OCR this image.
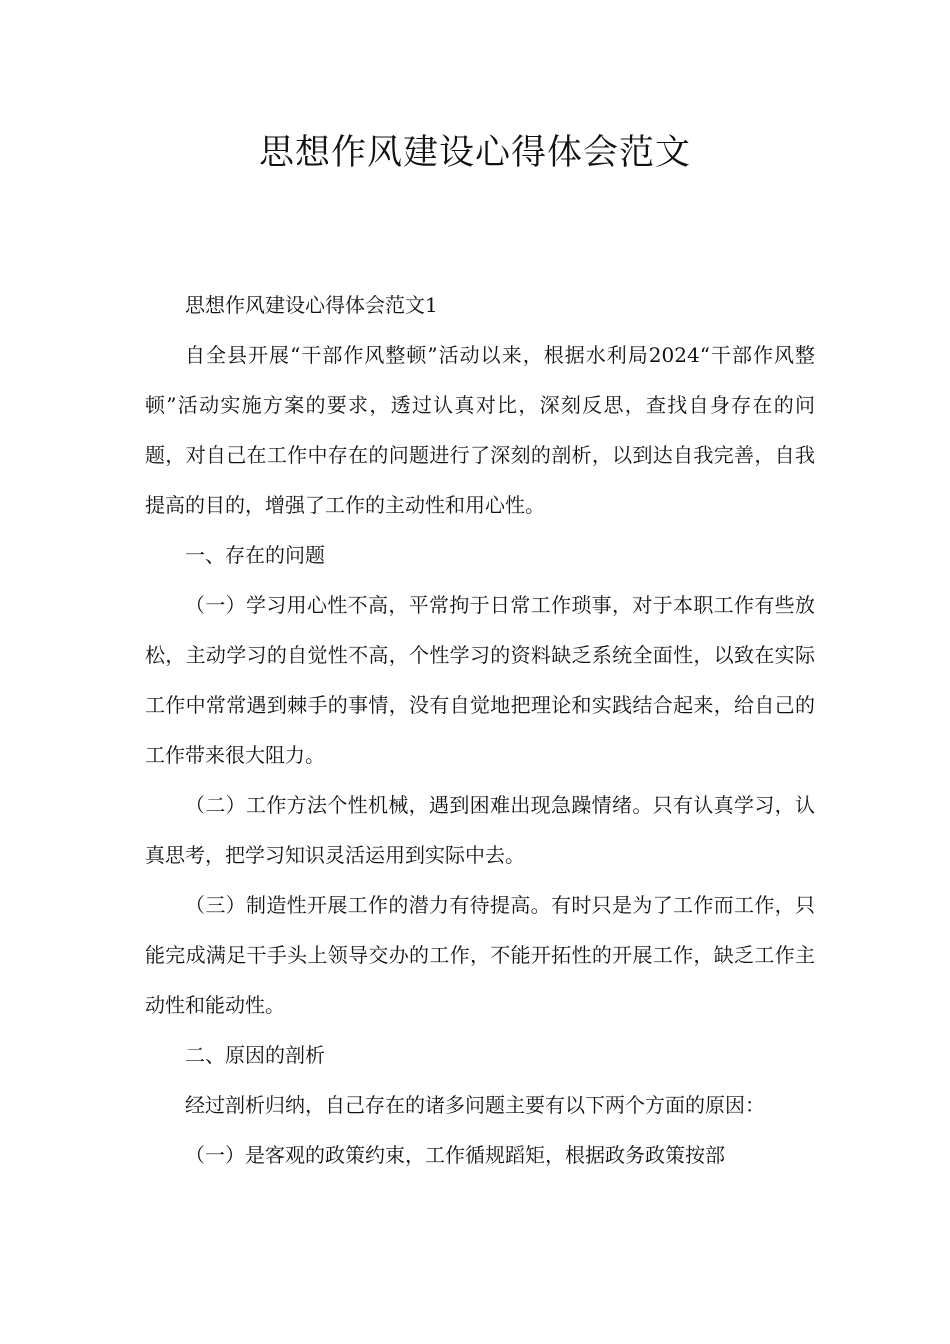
思想作风建设心得体会范文

思想作风建设心得体会范文1

自全县开展“干部作风整顿”活动以来，根据水利局2024“干部作风整顿”活动实施方案的要求，透过认真对比，深刻反思，查找自身存在的问题，对自己在工作中存在的问题进行了深刻的剖析，以到达自我完善，自我提高的目的，增强了工作的主动性和用心性。

一、存在的问题

（一）学习用心性不高，平常拘于日常工作琐事，对于本职工作有些放松，主动学习的自觉性不高，个性学习的资料缺乏系统全面性，以致在实际工作中常常遇到棘手的事情，没有自觉地把理论和实践结合起来，给自己的工作带来很大阻力。

（二）工作方法个性机械，遇到困难出现急躁情绪。只有认真学习，认真思考，把学习知识灵活运用到实际中去。

（三）制造性开展工作的潜力有待提高。有时只是为了工作而工作，只能完成满足干手头上领导交办的工作，不能开拓性的开展工作，缺乏工作主动性和能动性。

二、原因的剖析

经过剖析归纳，自己存在的诸多问题主要有以下两个方面的原因：

（一）是客观的政策约束，工作循规蹈矩，根据政务政策按部
